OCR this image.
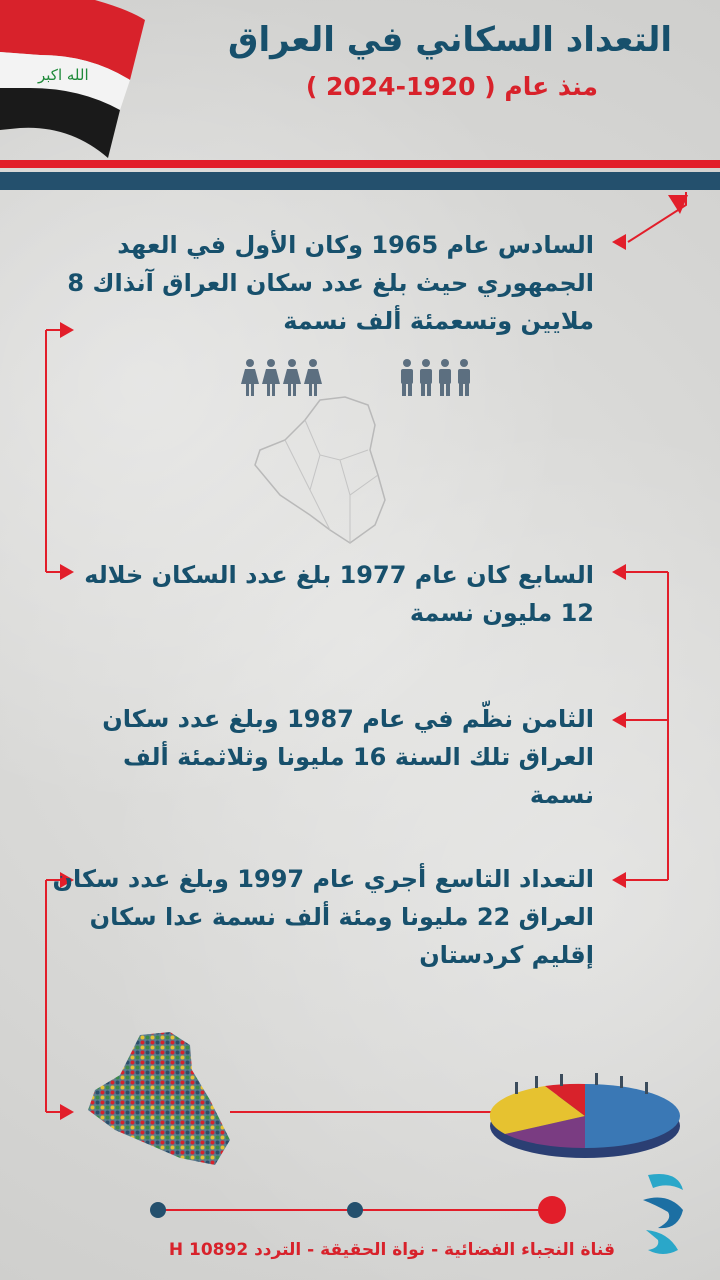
الله اكبر
التعداد السكاني في العراق
منذ عام ( 1920-2024 )
السادس عام 1965 وكان الأول في العهد الجمهوري حيث بلغ عدد سكان العراق آنذاك 8 ملايين وتسعمئة ألف نسمة
السابع كان عام 1977 بلغ عدد السكان خلاله 12 مليون نسمة
الثامن نظّم في عام 1987 وبلغ عدد سكان العراق تلك السنة 16 مليونا وثلاثمئة ألف نسمة
التعداد التاسع أجري عام 1997 وبلغ عدد سكان العراق 22 مليونا ومئة ألف نسمة عدا سكان إقليم كردستان
قناة النجباء الفضائية - نواة الحقيقة - التردد 10892 H
